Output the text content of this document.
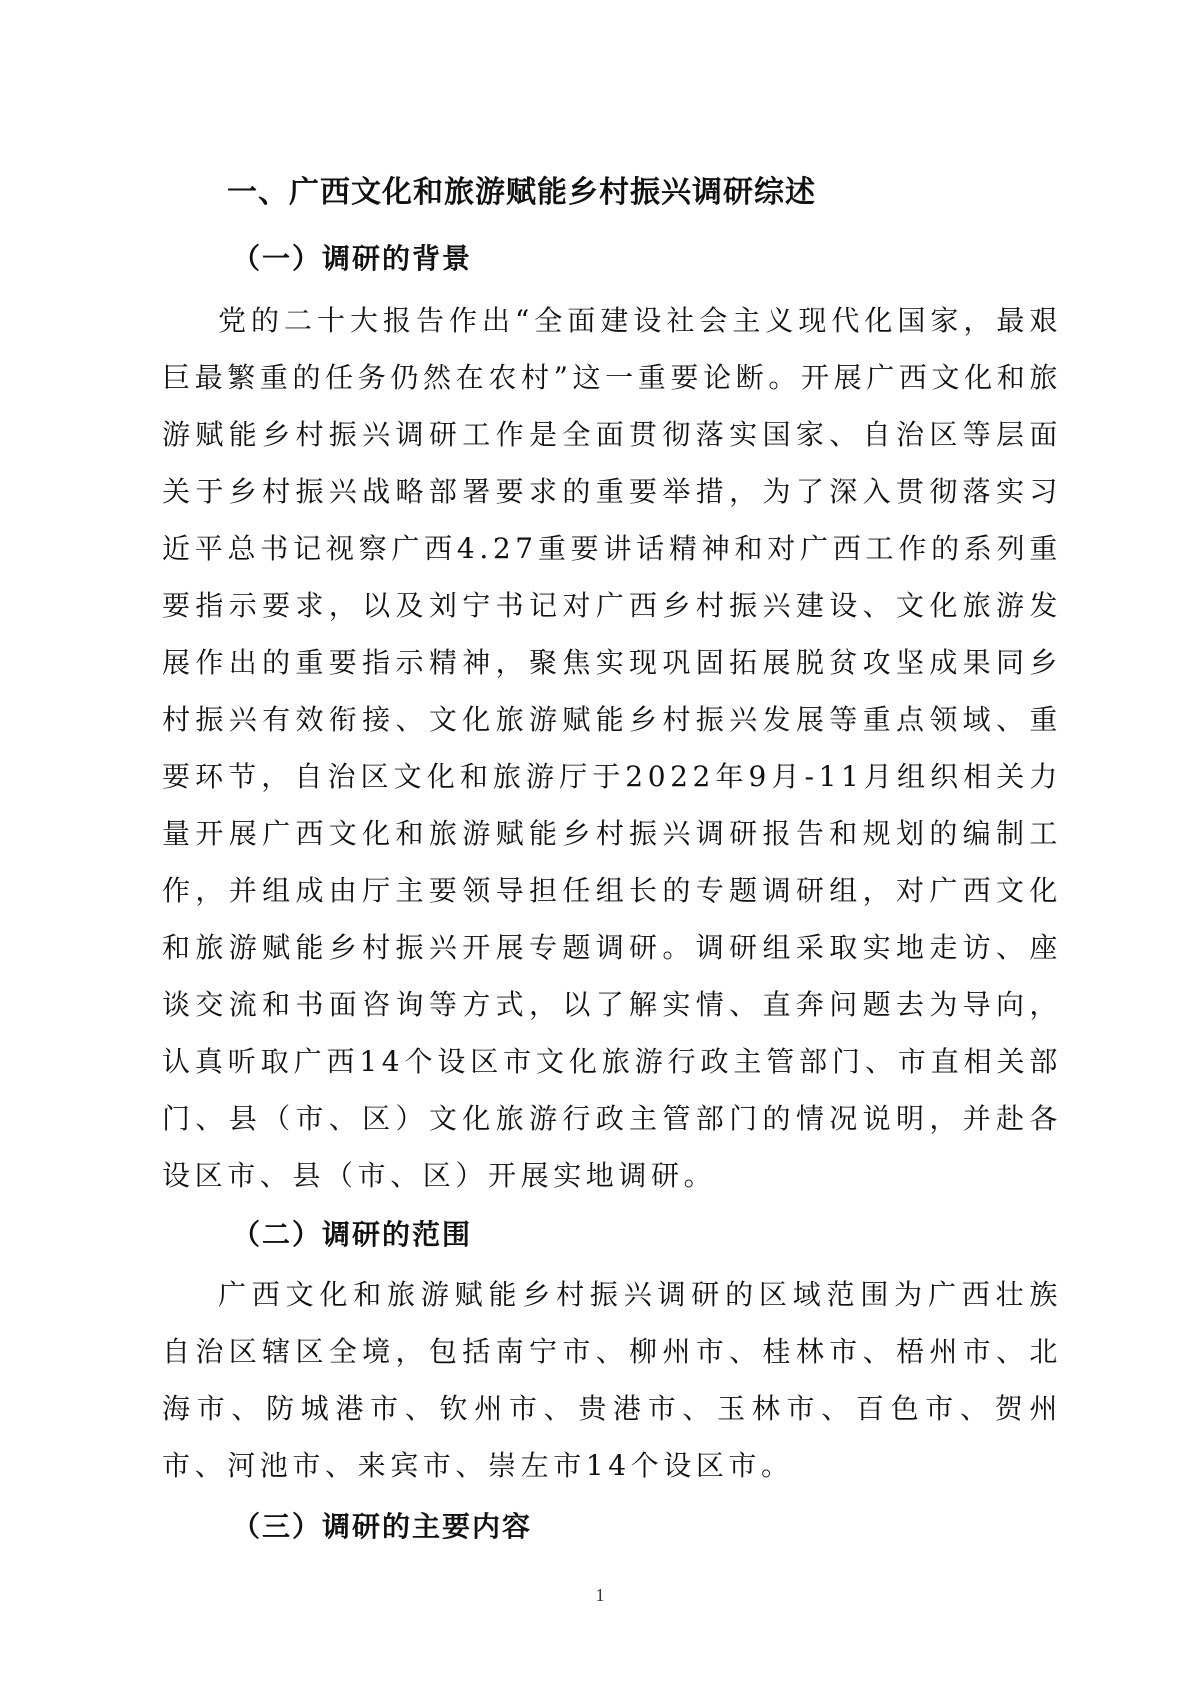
一、广西文化和旅游赋能乡村振兴调研综述
（一）调研的背景

党的二十大报告作出“全面建设社会主义现代化国家，最艰巨最繁重的任务仍然在农村”这一重要论断。开展广西文化和旅游赋能乡村振兴调研工作是全面贯彻落实国家、自治区等层面关于乡村振兴战略部署要求的重要举措，为了深入贯彻落实习近平总书记视察广西4.27重要讲话精神和对广西工作的系列重要指示要求，以及刘宁书记对广西乡村振兴建设、文化旅游发展作出的重要指示精神，聚焦实现巩固拓展脱贫攻坚成果同乡村振兴有效衔接、文化旅游赋能乡村振兴发展等重点领域、重要环节，自治区文化和旅游厅于2022年9月-11月组织相关力量开展广西文化和旅游赋能乡村振兴调研报告和规划的编制工作，并组成由厅主要领导担任组长的专题调研组，对广西文化和旅游赋能乡村振兴开展专题调研。调研组采取实地走访、座谈交流和书面咨询等方式，以了解实情、直奔问题去为导向，认真听取广西14个设区市文化旅游行政主管部门、市直相关部门、县（市、区）文化旅游行政主管部门的情况说明，并赴各设区市、县（市、区）开展实地调研。

（二）调研的范围

广西文化和旅游赋能乡村振兴调研的区域范围为广西壮族自治区辖区全境，包括南宁市、柳州市、桂林市、梧州市、北海市、防城港市、钦州市、贵港市、玉林市、百色市、贺州市、河池市、来宾市、崇左市14个设区市。

（三）调研的主要内容
1
